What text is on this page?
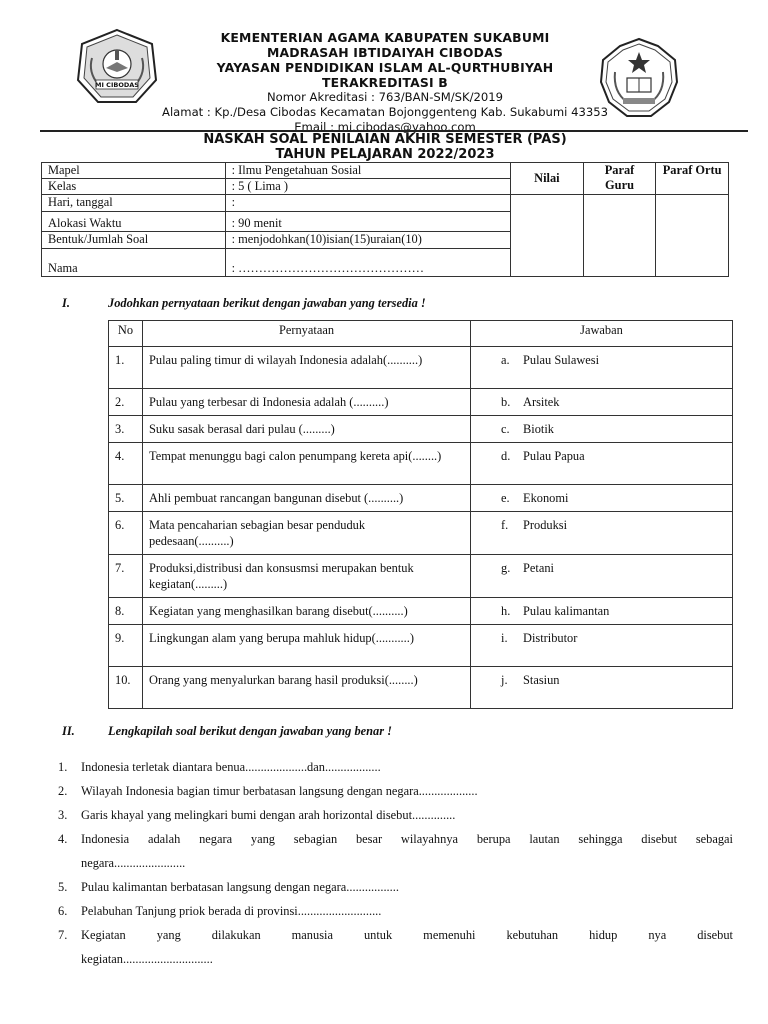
MI CIBODAS
KEMENTERIAN AGAMA KABUPATEN SUKABUMI
MADRASAH IBTIDAIYAH CIBODAS
YAYASAN PENDIDIKAN ISLAM AL-QURTHUBIYAH
TERAKREDITASI B
Nomor Akreditasi : 763/BAN-SM/SK/2019
Alamat : Kp./Desa Cibodas Kecamatan Bojonggenteng Kab. Sukabumi 43353
Email : mi.cibodas@yahoo.com
NASKAH SOAL PENILAIAN AKHIR SEMESTER (PAS)
TAHUN PELAJARAN 2022/2023
Mapel	: Ilmu Pengetahuan Sosial	Nilai	Paraf Guru	Paraf Ortu
Kelas	: 5 ( Lima )			
Hari, tanggal	:			
Alokasi Waktu	: 90 menit			
Bentuk/Jumlah Soal	: menjodohkan(10)isian(15)uraian(10)			
Nama	: ………………………………………			
I.	Jodohkan pernyataan berikut dengan jawaban yang tersedia !
No	Pernyataan	Jawaban
1.	Pulau paling timur di wilayah Indonesia adalah(..........)	a. Pulau Sulawesi
2.	Pulau yang terbesar di Indonesia adalah (..........)	b. Arsitek
3.	Suku sasak berasal dari pulau (.........)	c. Biotik
4.	Tempat menunggu bagi calon penumpang kereta api(........)	d. Pulau Papua
5.	Ahli pembuat rancangan bangunan disebut (..........)	e. Ekonomi
6.	Mata pencaharian sebagian besar penduduk pedesaan(..........)	f. Produksi
7.	Produksi,distribusi dan konsusmsi merupakan bentuk kegiatan(.........)	g. Petani
8.	Kegiatan yang menghasilkan barang disebut(..........)	h. Pulau kalimantan
9.	Lingkungan alam yang berupa mahluk hidup(...........)	i. Distributor
10.	Orang yang menyalurkan barang hasil produksi(........)	j. Stasiun
II.	Lengkapilah soal berikut dengan jawaban yang benar !
1. Indonesia terletak diantara benua....................dan..................
2. Wilayah Indonesia bagian timur berbatasan langsung dengan negara...................
3. Garis khayal yang melingkari bumi dengan arah horizontal disebut..............
4. Indonesia adalah negara yang sebagian besar wilayahnya berupa lautan sehingga disebut sebagai
negara.......................
5. Pulau kalimantan berbatasan langsung dengan negara.................
6. Pelabuhan Tanjung priok berada di provinsi...........................
7. Kegiatan yang dilakukan manusia untuk memenuhi kebutuhan hidup nya disebut
kegiatan.............................
